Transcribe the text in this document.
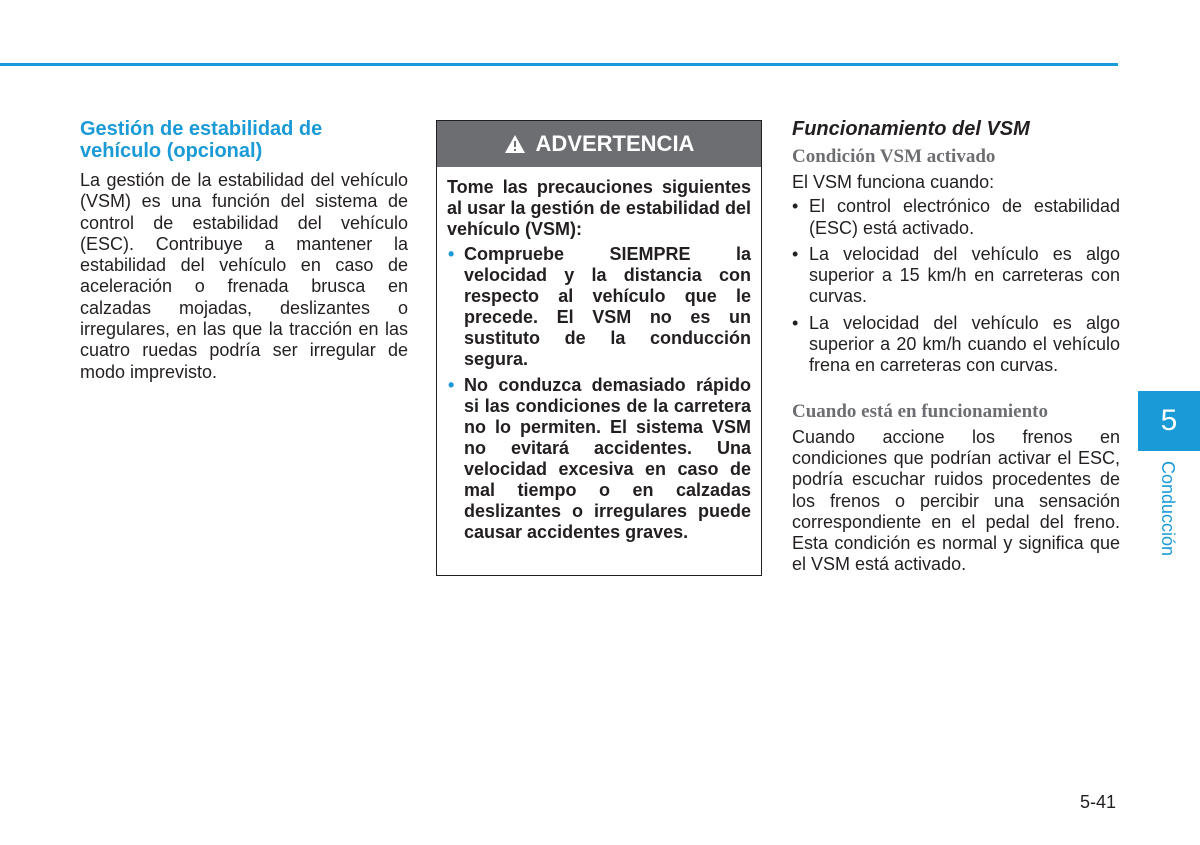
Gestión de estabilidad de vehículo (opcional)

La gestión de la estabilidad del vehículo (VSM) es una función del sistema de control de estabilidad del vehículo (ESC). Contribuye a mantener la estabilidad del vehículo en caso de aceleración o frenada brusca en calzadas mojadas, deslizantes o irregulares, en las que la tracción en las cuatro ruedas podría ser irregular de modo imprevisto.

ADVERTENCIA

Tome las precauciones siguientes al usar la gestión de estabilidad del vehículo (VSM):

• Compruebe SIEMPRE la velocidad y la distancia con respecto al vehículo que le precede. El VSM no es un sustituto de la conducción segura.
• No conduzca demasiado rápido si las condiciones de la carretera no lo permiten. El sistema VSM no evitará accidentes. Una velocidad excesiva en caso de mal tiempo o en calzadas deslizantes o irregulares puede causar accidentes graves.
Funcionamiento del VSM
Condición VSM activado

El VSM funciona cuando:

• El control electrónico de estabilidad (ESC) está activado.
• La velocidad del vehículo es algo superior a 15 km/h en carreteras con curvas.
• La velocidad del vehículo es algo superior a 20 km/h cuando el vehículo frena en carreteras con curvas.
Cuando está en funcionamiento

Cuando accione los frenos en condiciones que podrían activar el ESC, podría escuchar ruidos procedentes de los frenos o percibir una sensación correspondiente en el pedal del freno. Esta condición es normal y significa que el VSM está activado.

5
Conducción
5-41
